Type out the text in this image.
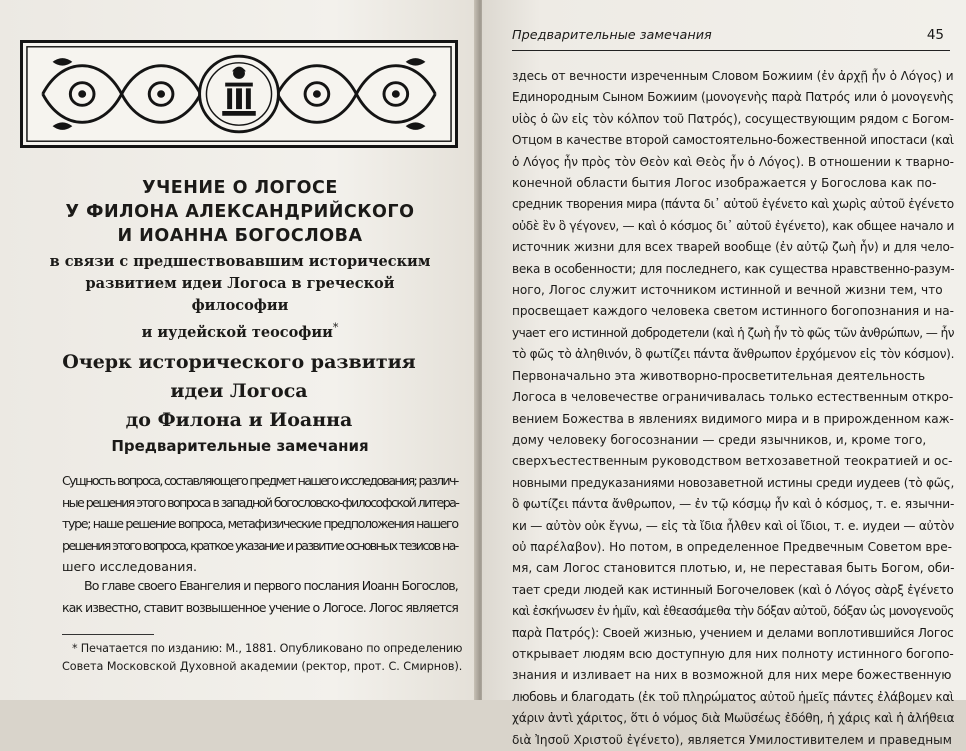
УЧЕНИЕ О ЛОГОСЕ
У ФИЛОНА АЛЕКСАНДРИЙСКОГО
И ИОАННА БОГОСЛОВА
в связи с предшествовавшим историческим
развитием идеи Логоса в греческой философии
и иудейской теософии*
Очерк исторического развития идеи Логоса
до Филона и Иоанна
Предварительные замечания
Сущность вопроса, составляющего предмет нашего исследования; различ-
ные решения этого вопроса в западной богословско-философской литера-
туре; наше решение вопроса, метафизические предположения нашего
решения этого вопроса, краткое указание и развитие основных тезисов на-
шего исследования.
Во главе своего Евангелия и первого послания Иоанн Богослов,
как известно, ставит возвышенное учение о Логосе. Логос является
* Печатается по изданию: М., 1881. Опубликовано по определению
Совета Московской Духовной академии (ректор, прот. С. Смирнов).
Предварительные замечания	45
здесь от вечности изреченным Словом Божиим (ἐν ἀρχῇ ἦν ὁ Λόγος) и
Единородным Сыном Божиим (μονογενὴς παρὰ Πατρός или ὁ μονογενὴς
υἱὸς ὁ ὢν εἰς τὸν κόλπον τοῦ Πατρός), сосуществующим рядом с Богом-
Отцом в качестве второй самостоятельно-божественной ипостаси (καὶ
ὁ Λόγος ἦν πρὸς τὸν Θεὸν καὶ Θεὸς ἦν ὁ Λόγος). В отношении к тварно-
конечной области бытия Логос изображается у Богослова как по-
средник творения мира (πάντα δι᾽ αὐτοῦ ἐγένετο καὶ χωρὶς αὐτοῦ ἐγένετο
οὐδὲ ἓν ὃ γέγονεν, — καὶ ὁ κόσμος δι᾽ αὐτοῦ ἐγένετο), как общее начало и
источник жизни для всех тварей вообще (ἐν αὐτῷ ζωὴ ἦν) и для чело-
века в особенности; для последнего, как существа нравственно-разум-
ного, Логос служит источником истинной и вечной жизни тем, что
просвещает каждого человека светом истинного богопознания и на-
учает его истинной добродетели (καὶ ἡ ζωὴ ἦν τὸ φῶς τῶν ἀνθρώπων, — ἦν
τὸ φῶς τὸ ἀληθινόν, ὃ φωτίζει πάντα ἄνθρωπον ἐρχόμενον εἰς τὸν κόσμον).
Первоначально эта животворно-просветительная деятельность
Логоса в человечестве ограничивалась только естественным откро-
вением Божества в явлениях видимого мира и в прирожденном каж-
дому человеку богосознании — среди язычников, и, кроме того,
сверхъестественным руководством ветхозаветной теократией и ос-
новными предуказаниями новозаветной истины среди иудеев (τὸ φῶς,
ὃ φωτίζει πάντα ἄνθρωπον, — ἐν τῷ κόσμῳ ἦν καὶ ὁ κόσμος, т. е. язычни-
ки — αὐτὸν οὐκ ἔγνω, — εἰς τὰ ἴδια ἦλθεν καὶ οἱ ἴδιοι, т. е. иудеи — αὐτὸν
οὐ παρέλαβον). Но потом, в определенное Предвечным Советом вре-
мя, сам Логос становится плотью, и, не переставая быть Богом, оби-
тает среди людей как истинный Богочеловек (καὶ ὁ Λόγος σὰρξ ἐγένετο
καὶ ἐσκήνωσεν ἐν ἡμῖν, καὶ ἐθεασάμεθα τὴν δόξαν αὐτοῦ, δόξαν ὡς μονογενοῦς
παρὰ Πατρός): Своей жизнью, учением и делами воплотившийся Логос
открывает людям всю доступную для них полноту истинного богопо-
знания и изливает на них в возможной для них мере божественную
любовь и благодать (ἐκ τοῦ πληρώματος αὐτοῦ ἡμεῖς πάντες ἐλάβομεν καὶ
χάριν ἀντὶ χάριτος, ὅτι ὁ νόμος διὰ Μωϋσέως ἐδόθη, ἡ χάρις καὶ ἡ ἀλήθεια
διὰ Ἰησοῦ Χριστοῦ ἐγένετο), является Умилостивителем и праведным
